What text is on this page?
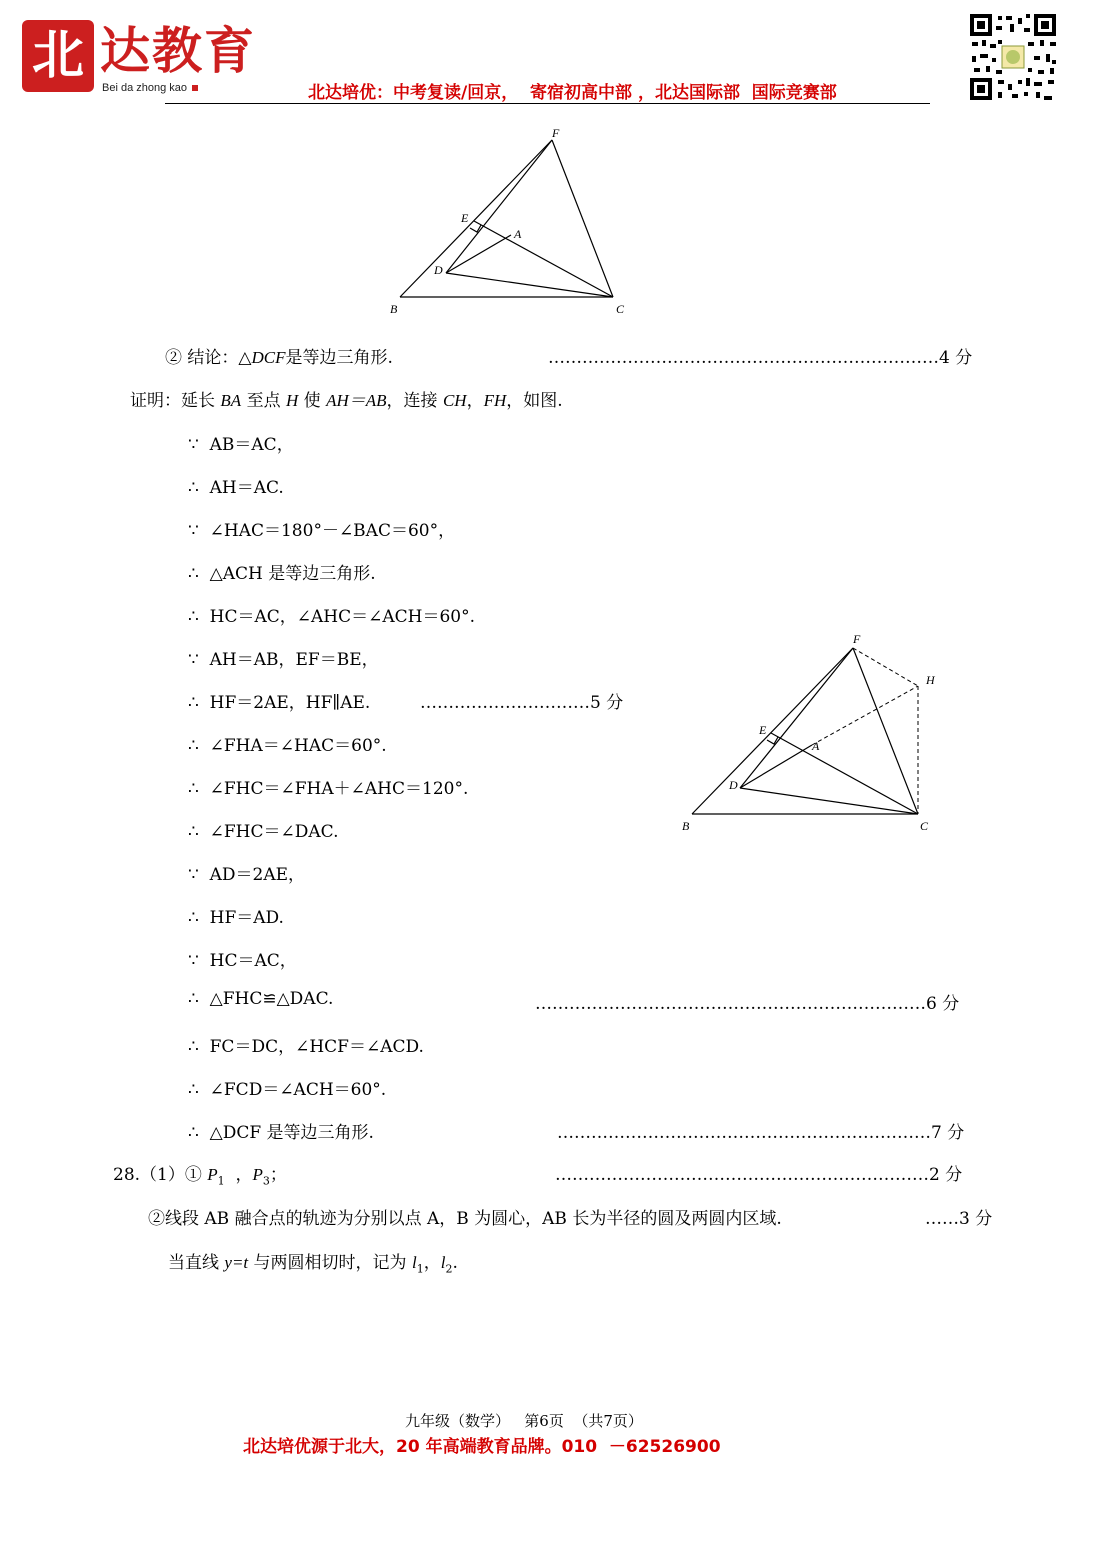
北 达教育
Bei da zhong kao	北达培优：中考复读/回京，  寄宿初高中部 ，北达国际部  国际竞赛部
F
E
A
D
B	C
② 结论：△DCF是等边三角形.	……………………………………………………………4 分
证明：延长 BA 至点 H 使 AH＝AB，连接 CH，FH，如图.
∵ AB＝AC，
∴ AH＝AC.
∵ ∠HAC＝180°－∠BAC＝60°，
∴ △ACH 是等边三角形.
∴ HC＝AC，∠AHC＝∠ACH＝60°.
∵ AH＝AB，EF＝BE，
∴ HF＝2AE，HF∥AE.	…………………………5 分
∴ ∠FHA＝∠HAC＝60°.
∴ ∠FHC＝∠FHA＋∠AHC＝120°.
∴ ∠FHC＝∠DAC.
∵ AD＝2AE，
∴ HF＝AD.
∵ HC＝AC，
∴ △FHC≌△DAC.	……………………………………………………………6 分
∴ FC＝DC，∠HCF＝∠ACD.
∴ ∠FCD＝∠ACH＝60°.
∴ △DCF 是等边三角形.	…………………………………………………………7 分
F
H
E
A
D
B	C
28.（1）① $P_1$  ，$P_3$；	…………………………………………………………2 分
②线段 AB 融合点的轨迹为分别以点 A，B 为圆心，AB 长为半径的圆及两圆内区域.	……3 分
当直线 y=t 与两圆相切时，记为 $l_1$，$l_2$.
九年级（数学）   第6页  （共7页）
北达培优源于北大，20 年高端教育品牌。010  －62526900
